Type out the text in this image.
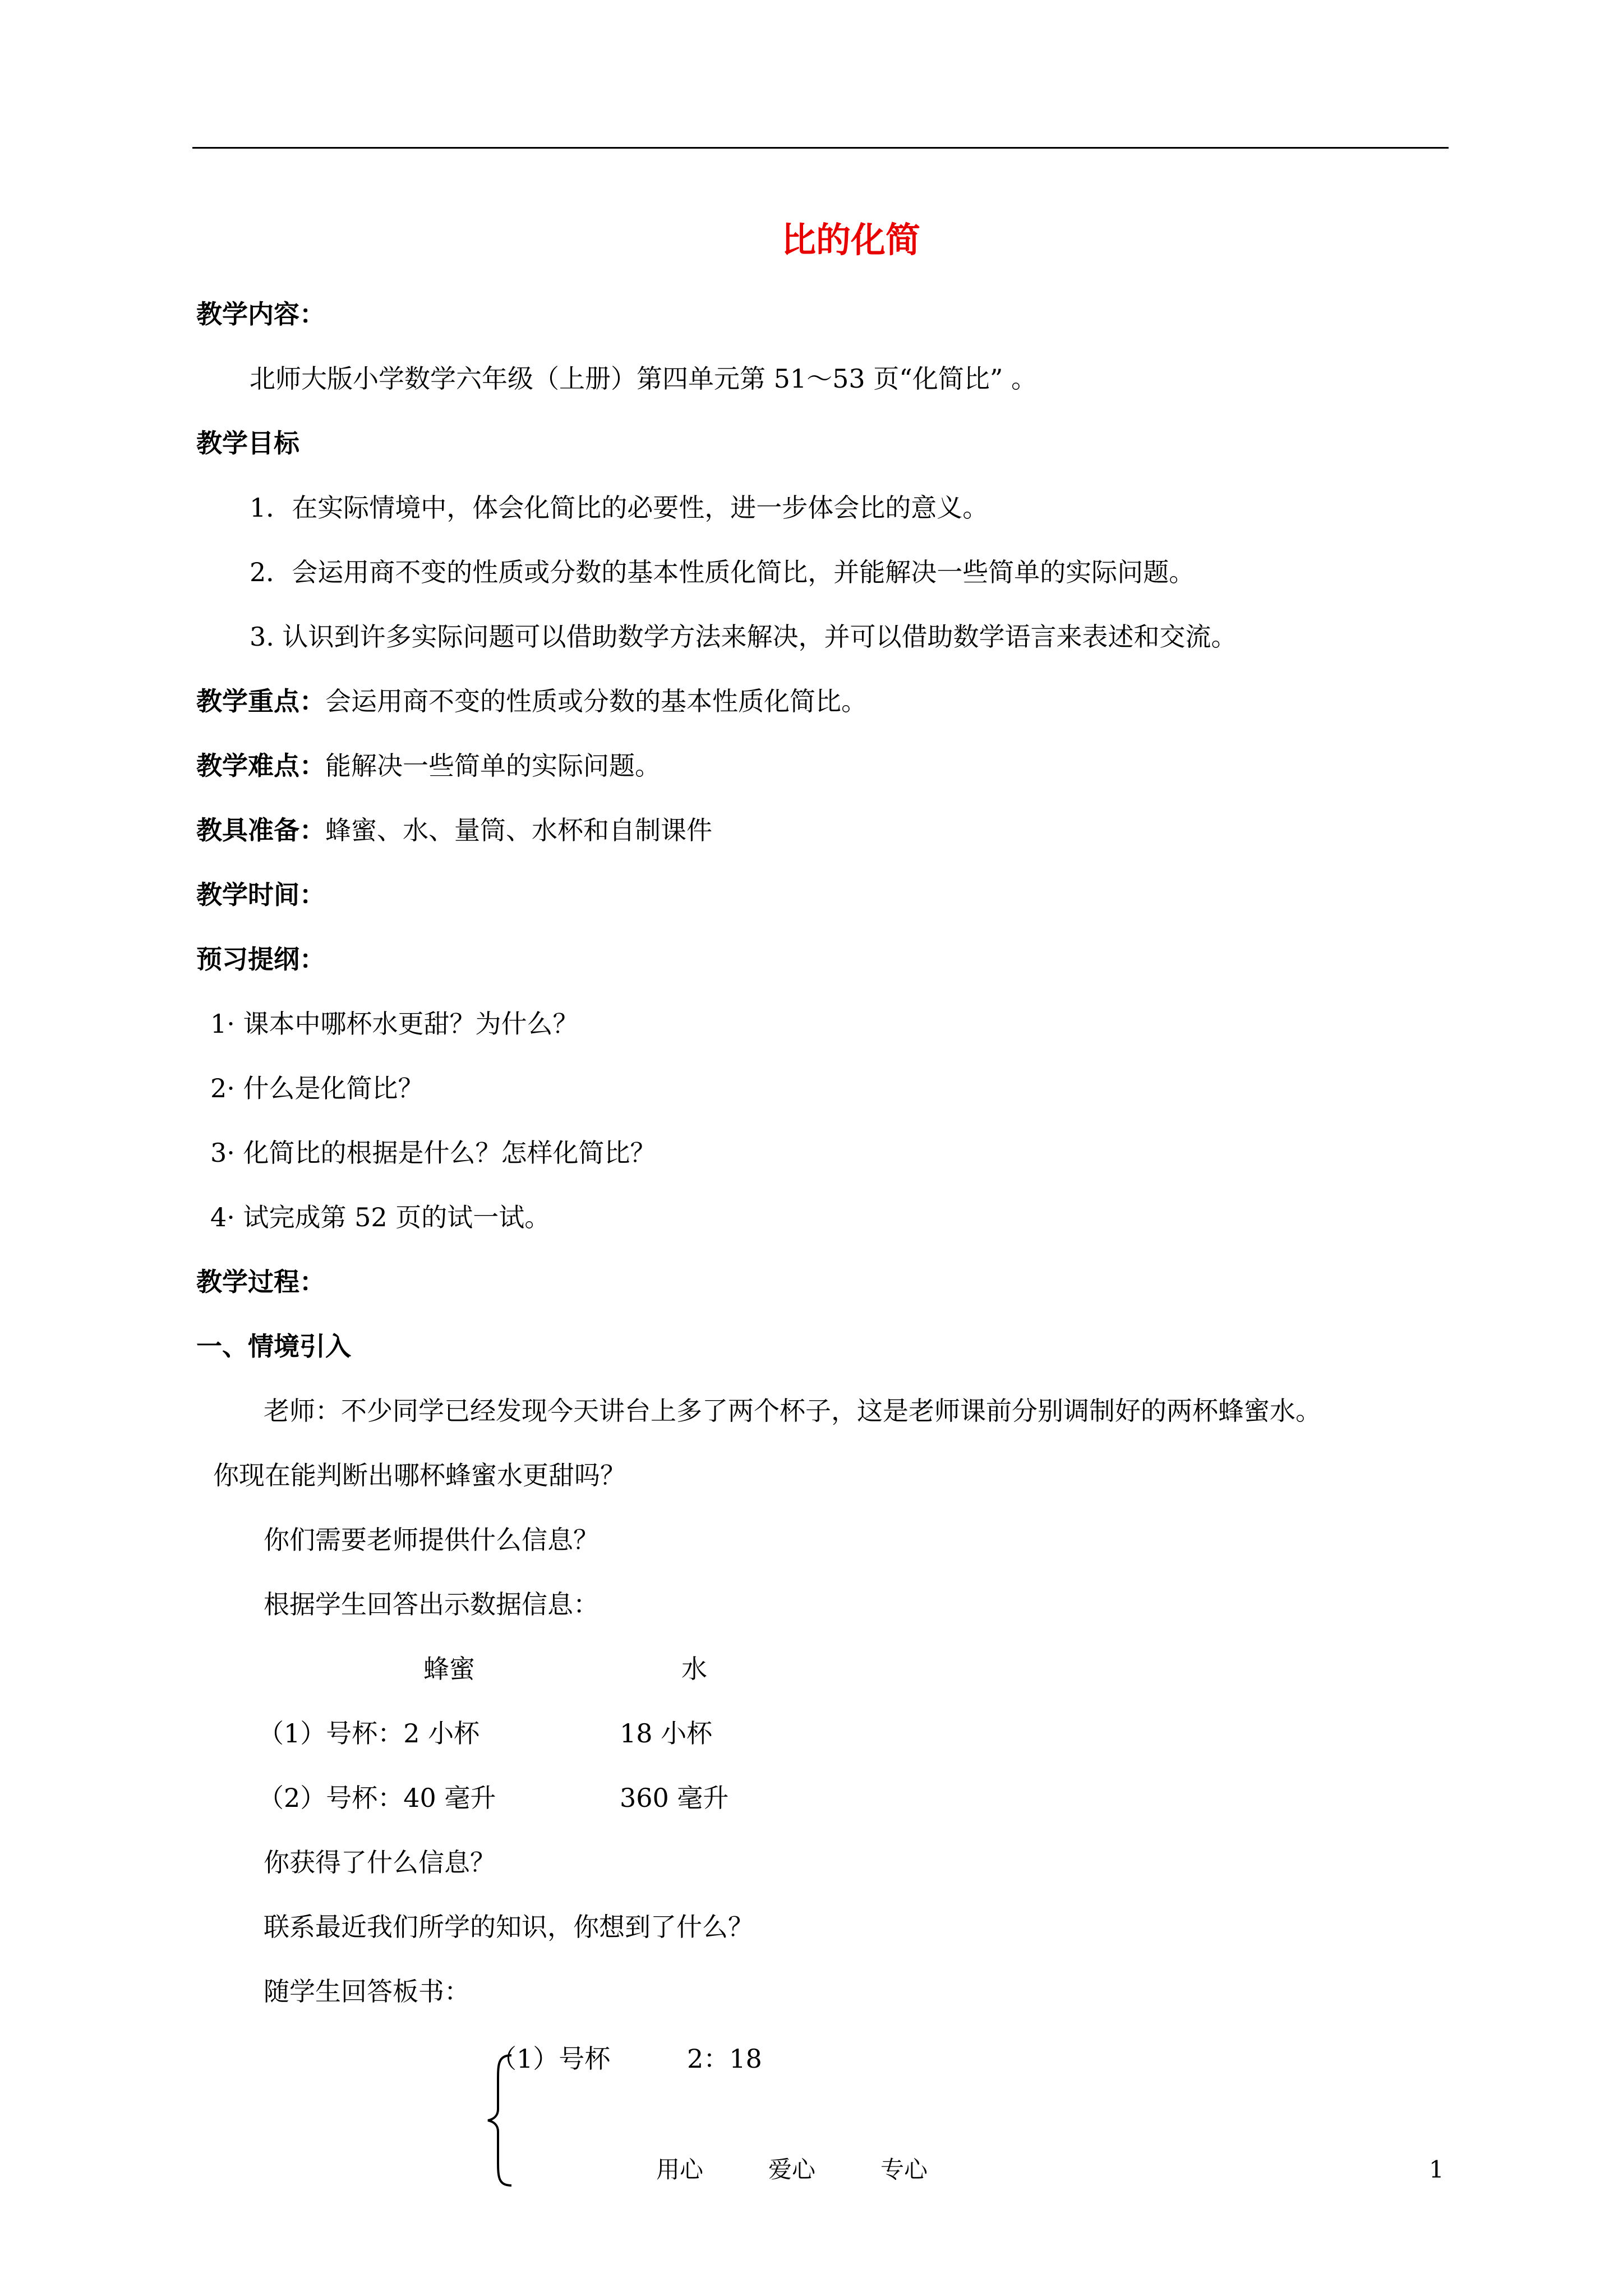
比的化简
教学内容：
北师大版小学数学六年级（上册）第四单元第 51～53 页“化简比” 。
教学目标
1．在实际情境中，体会化简比的必要性，进一步体会比的意义。
2．会运用商不变的性质或分数的基本性质化简比，并能解决一些简单的实际问题。
3. 认识到许多实际问题可以借助数学方法来解决，并可以借助数学语言来表述和交流。
教学重点：会运用商不变的性质或分数的基本性质化简比。
教学难点：能解决一些简单的实际问题。
教具准备：蜂蜜、水、量筒、水杯和自制课件
教学时间：
预习提纲：
1· 课本中哪杯水更甜？为什么？
2· 什么是化简比？
3· 化简比的根据是什么？怎样化简比？
4· 试完成第 52 页的试一试。
教学过程：
一、情境引入
老师：不少同学已经发现今天讲台上多了两个杯子，这是老师课前分别调制好的两杯蜂蜜水。
你现在能判断出哪杯蜂蜜水更甜吗？
你们需要老师提供什么信息？
根据学生回答出示数据信息：
蜂蜜	水
（1）号杯：2 小杯	18 小杯
（2）号杯：40 毫升	360 毫升
你获得了什么信息？
联系最近我们所学的知识，你想到了什么？
随学生回答板书：
（1）号杯	2：18
用心	爱心	专心	1
